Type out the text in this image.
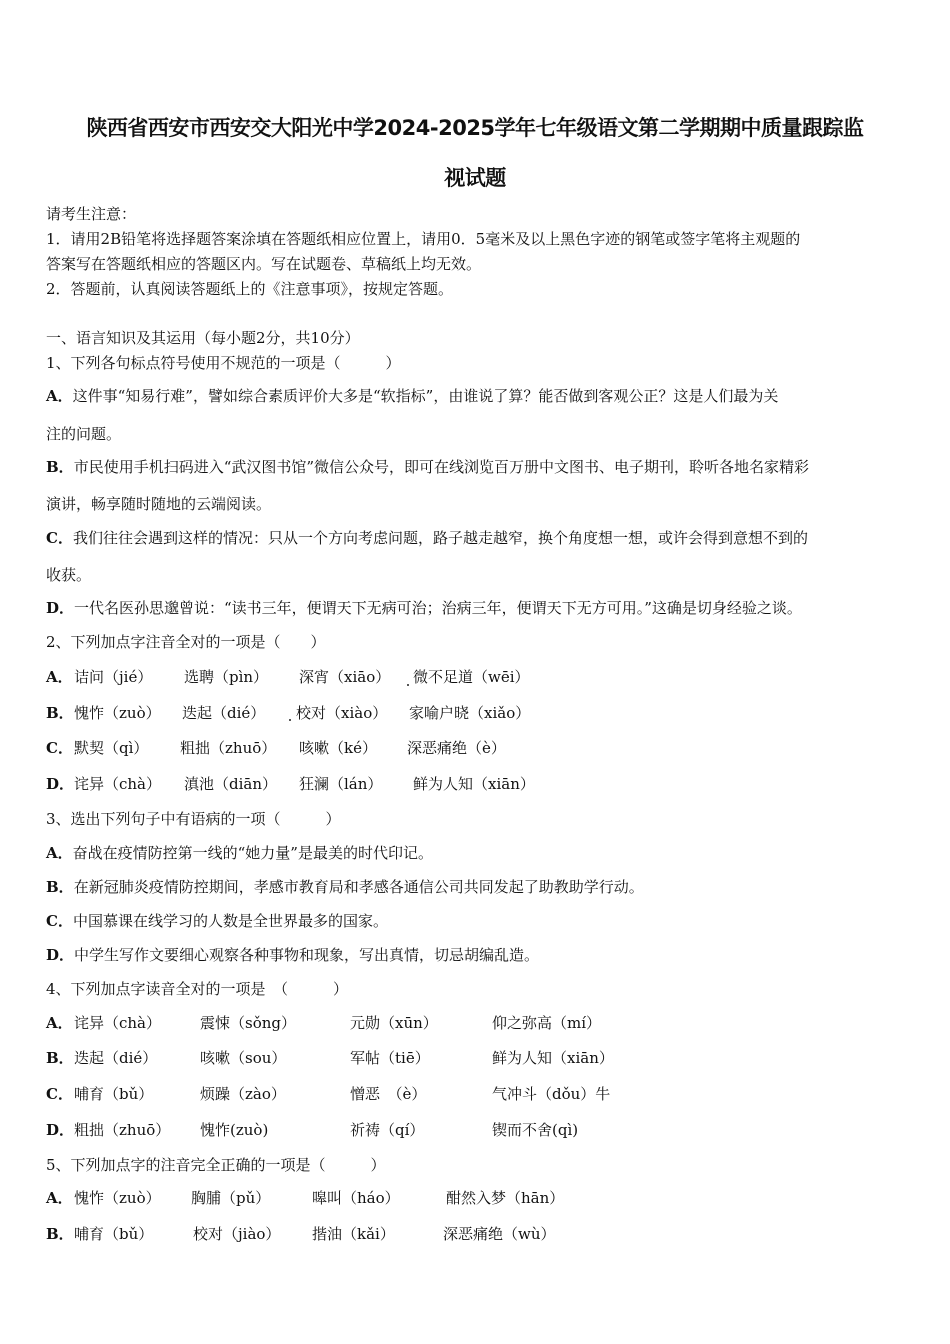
陕西省西安市西安交大阳光中学2024-2025学年七年级语文第二学期期中质量跟踪监
视试题
请考生注意：
1．请用2B铅笔将选择题答案涂填在答题纸相应位置上，请用0．5毫米及以上黑色字迹的钢笔或签字笔将主观题的
答案写在答题纸相应的答题区内。写在试题卷、草稿纸上均无效。
2．答题前，认真阅读答题纸上的《注意事项》，按规定答题。
一、语言知识及其运用（每小题2分，共10分）
1、下列各句标点符号使用不规范的一项是（　　　）
A．这件事“知易行难”，譬如综合素质评价大多是“软指标”，由谁说了算？能否做到客观公正？这是人们最为关
注的问题。
B．市民使用手机扫码进入“武汉图书馆”微信公众号，即可在线浏览百万册中文图书、电子期刊，聆听各地名家精彩
演讲，畅享随时随地的云端阅读。
C．我们往往会遇到这样的情况：只从一个方向考虑问题，路子越走越窄，换个角度想一想，或许会得到意想不到的
收获。
D．一代名医孙思邈曾说：“读书三年，便谓天下无病可治；治病三年，便谓天下无方可用。”这确是切身经验之谈。
2、下列加点字注音全对的一项是（　　）
A． 诘问（jié） 选聘（pìn） 深宵（xiāo） 微不足道（wēi）
B． 愧怍（zuò） 迭起（dié） 校对（xiào） 家喻户晓（xiǎo）
C． 默契（qì） 粗拙（zhuō） 咳嗽（ké） 深恶痛绝（è）
D． 诧异（chà） 滇池（diān） 狂澜（lán） 鲜为人知（xiān）
3、选出下列句子中有语病的一项（　　　）
A．奋战在疫情防控第一线的“她力量”是最美的时代印记。
B．在新冠肺炎疫情防控期间，孝感市教育局和孝感各通信公司共同发起了助教助学行动。
C．中国慕课在线学习的人数是全世界最多的国家。
D．中学生写作文要细心观察各种事物和现象，写出真情，切忌胡编乱造。
4、下列加点字读音全对的一项是　（　　　）
A． 诧异（chà）	震悚（sǒng）	元勋（xūn）	仰之弥高（mí）
B． 迭起（dié）	咳嗽（sou）	军帖（tiē）	鲜为人知（xiān）
C． 哺育（bǔ）	烦躁（zào）	憎恶　（è）	气冲斗（dǒu）牛
D． 粗拙（zhuō） 愧怍(zuò)	祈祷（qí）	锲而不舍(qì)
5、下列加点字的注音完全正确的一项是（　　　）
A． 愧怍（zuò） 胸脯（pǔ）	嗥叫（háo）	酣然入梦（hān）
B． 哺育（bǔ）	校对（jiào） 揩油（kǎi）	深恶痛绝（wù）
